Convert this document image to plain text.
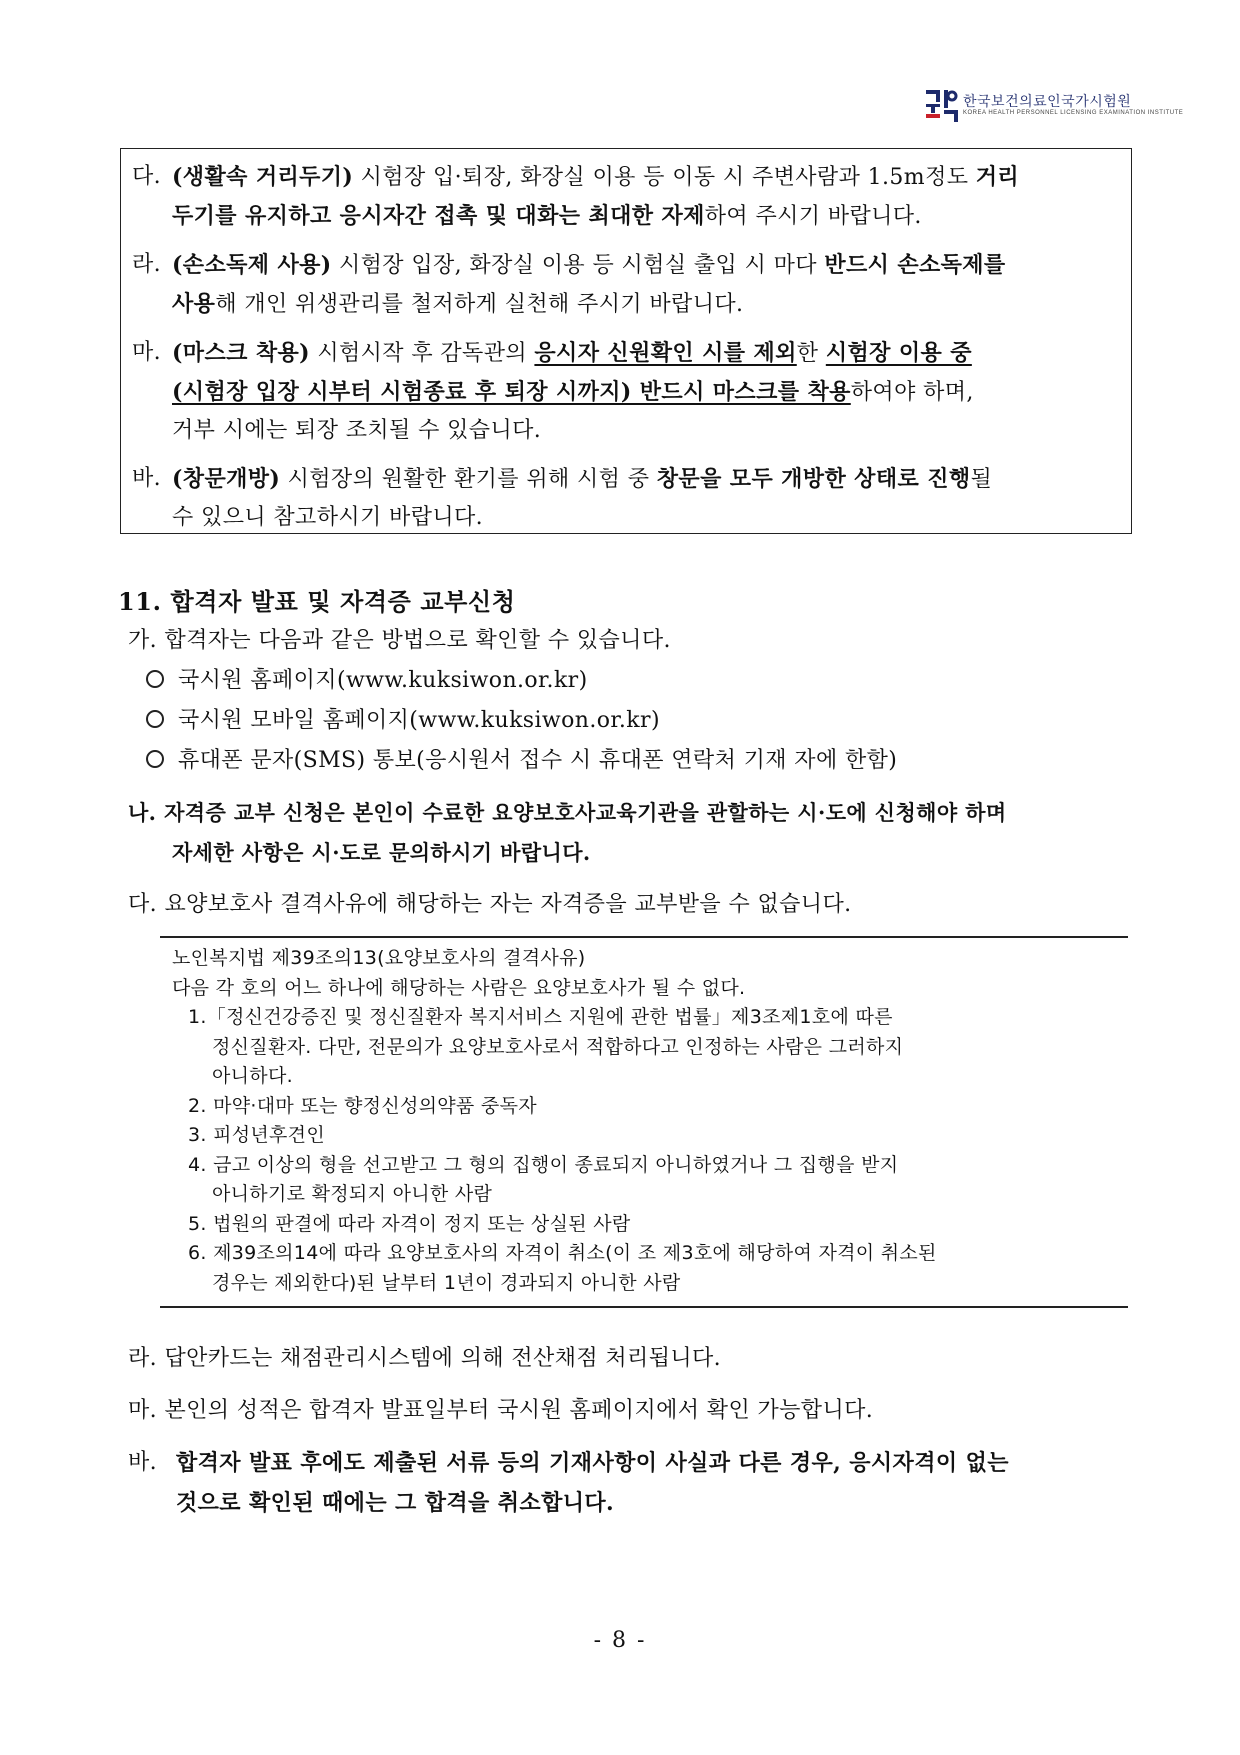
한국보건의료인국가시험원
KOREA HEALTH PERSONNEL LICENSING EXAMINATION INSTITUTE
다. (생활속 거리두기) 시험장 입·퇴장, 화장실 이용 등 이동 시 주변사람과 1.5m정도 거리
두기를 유지하고 응시자간 접촉 및 대화는 최대한 자제하여 주시기 바랍니다.
라. (손소독제 사용) 시험장 입장, 화장실 이용 등 시험실 출입 시 마다 반드시 손소독제를
사용해 개인 위생관리를 철저하게 실천해 주시기 바랍니다.
마. (마스크 착용) 시험시작 후 감독관의 응시자 신원확인 시를 제외한 시험장 이용 중
(시험장 입장 시부터 시험종료 후 퇴장 시까지) 반드시 마스크를 착용하여야 하며,
거부 시에는 퇴장 조치될 수 있습니다.
바. (창문개방) 시험장의 원활한 환기를 위해 시험 중 창문을 모두 개방한 상태로 진행될
수 있으니 참고하시기 바랍니다.
11. 합격자 발표 및 자격증 교부신청
가. 합격자는 다음과 같은 방법으로 확인할 수 있습니다.
국시원 홈페이지(www.kuksiwon.or.kr)
국시원 모바일 홈페이지(www.kuksiwon.or.kr)
휴대폰 문자(SMS) 통보(응시원서 접수 시 휴대폰 연락처 기재 자에 한함)
나. 자격증 교부 신청은 본인이 수료한 요양보호사교육기관을 관할하는 시·도에 신청해야 하며
자세한 사항은 시·도로 문의하시기 바랍니다.
다. 요양보호사 결격사유에 해당하는 자는 자격증을 교부받을 수 없습니다.
노인복지법 제39조의13(요양보호사의 결격사유)
다음 각 호의 어느 하나에 해당하는 사람은 요양보호사가 될 수 없다.
1.「정신건강증진 및 정신질환자 복지서비스 지원에 관한 법률」제3조제1호에 따른
정신질환자. 다만, 전문의가 요양보호사로서 적합하다고 인정하는 사람은 그러하지
아니하다.
2. 마약·대마 또는 향정신성의약품 중독자
3. 피성년후견인
4. 금고 이상의 형을 선고받고 그 형의 집행이 종료되지 아니하였거나 그 집행을 받지
아니하기로 확정되지 아니한 사람
5. 법원의 판결에 따라 자격이 정지 또는 상실된 사람
6. 제39조의14에 따라 요양보호사의 자격이 취소(이 조 제3호에 해당하여 자격이 취소된
경우는 제외한다)된 날부터 1년이 경과되지 아니한 사람
라. 답안카드는 채점관리시스템에 의해 전산채점 처리됩니다.
마. 본인의 성적은 합격자 발표일부터 국시원 홈페이지에서 확인 가능합니다.
바. 합격자 발표 후에도 제출된 서류 등의 기재사항이 사실과 다른 경우, 응시자격이 없는
것으로 확인된 때에는 그 합격을 취소합니다.
- 8 -
